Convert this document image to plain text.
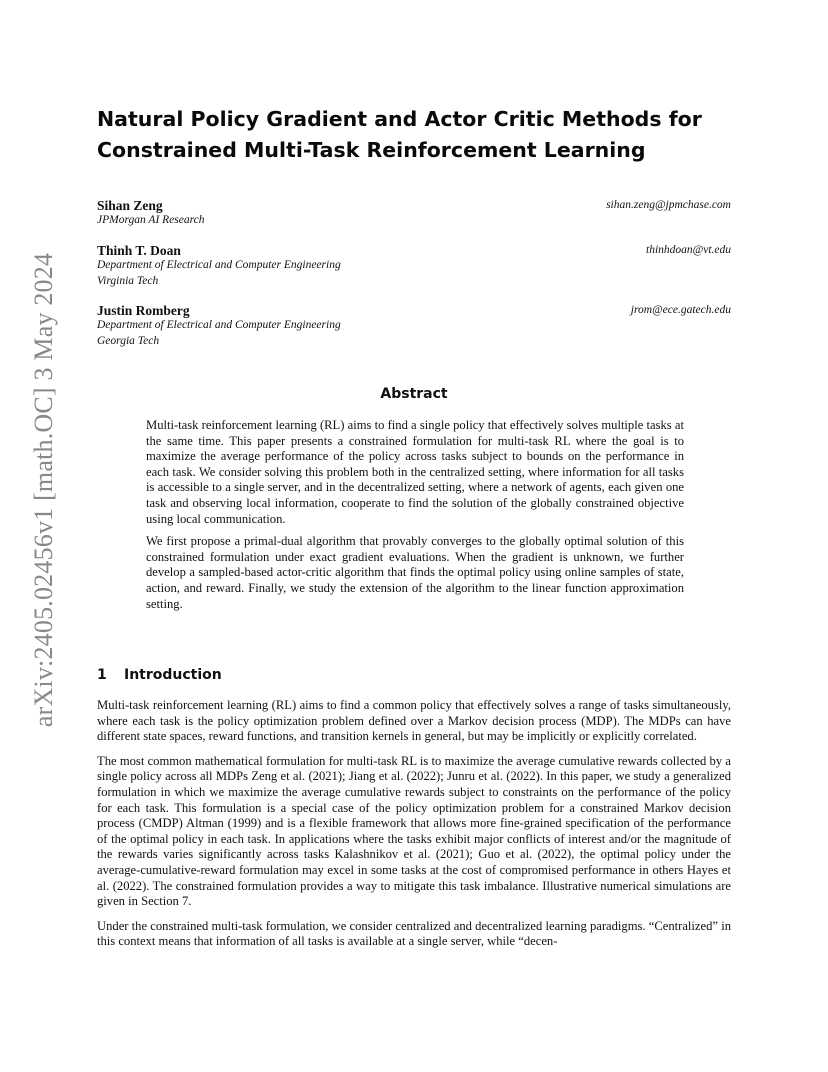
arXiv:2405.02456v1 [math.OC] 3 May 2024
Natural Policy Gradient and Actor Critic Methods for Constrained Multi-Task Reinforcement Learning
Sihan Zeng	sihan.zeng@jpmchase.com
JPMorgan AI Research
Thinh T. Doan	thinhdoan@vt.edu
Department of Electrical and Computer Engineering
Virginia Tech
Justin Romberg	jrom@ece.gatech.edu
Department of Electrical and Computer Engineering
Georgia Tech
Abstract

Multi-task reinforcement learning (RL) aims to find a single policy that effectively solves multiple tasks at the same time. This paper presents a constrained formulation for multi-task RL where the goal is to maximize the average performance of the policy across tasks subject to bounds on the performance in each task. We consider solving this problem both in the centralized setting, where information for all tasks is accessible to a single server, and in the decentralized setting, where a network of agents, each given one task and observing local information, cooperate to find the solution of the globally constrained objective using local communication.

We first propose a primal-dual algorithm that provably converges to the globally optimal solution of this constrained formulation under exact gradient evaluations. When the gradient is unknown, we further develop a sampled-based actor-critic algorithm that finds the optimal policy using online samples of state, action, and reward. Finally, we study the extension of the algorithm to the linear function approximation setting.

1 Introduction

Multi-task reinforcement learning (RL) aims to find a common policy that effectively solves a range of tasks simultaneously, where each task is the policy optimization problem defined over a Markov decision process (MDP). The MDPs can have different state spaces, reward functions, and transition kernels in general, but may be implicitly or explicitly correlated.

The most common mathematical formulation for multi-task RL is to maximize the average cumulative rewards collected by a single policy across all MDPs Zeng et al. (2021); Jiang et al. (2022); Junru et al. (2022). In this paper, we study a generalized formulation in which we maximize the average cumulative rewards subject to constraints on the performance of the policy for each task. This formulation is a special case of the policy optimization problem for a constrained Markov decision process (CMDP) Altman (1999) and is a flexible framework that allows more fine-grained specification of the performance of the optimal policy in each task. In applications where the tasks exhibit major conflicts of interest and/or the magnitude of the rewards varies significantly across tasks Kalashnikov et al. (2021); Guo et al. (2022), the optimal policy under the average-cumulative-reward formulation may excel in some tasks at the cost of compromised performance in others Hayes et al. (2022). The constrained formulation provides a way to mitigate this task imbalance. Illustrative numerical simulations are given in Section 7.

Under the constrained multi-task formulation, we consider centralized and decentralized learning paradigms. “Centralized” in this context means that information of all tasks is available at a single server, while “decen-
